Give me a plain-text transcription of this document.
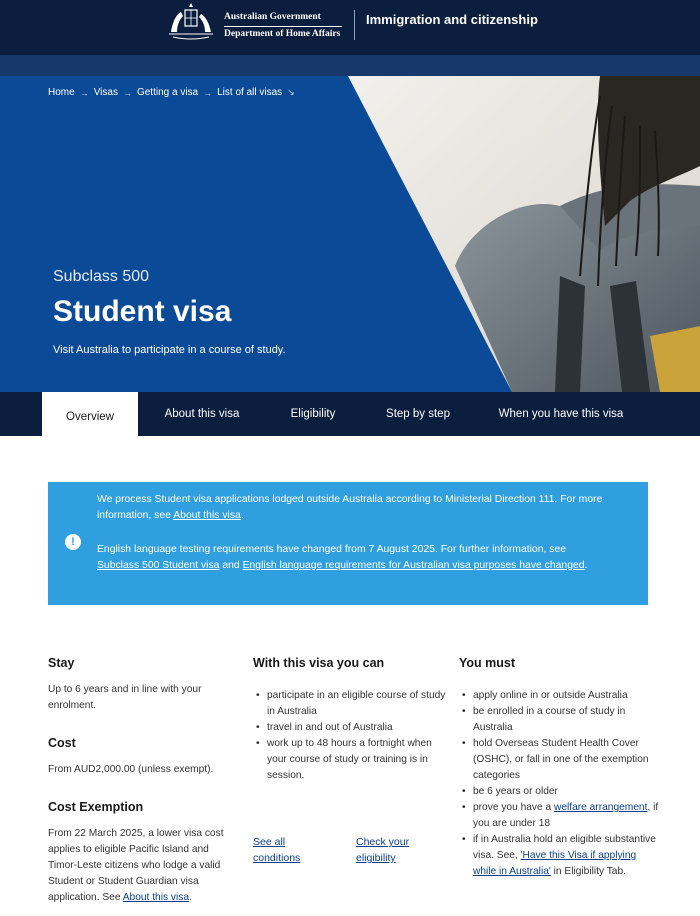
Australian Government
Department of Home Affairs
Immigration and citizenship
Home → Visas → Getting a visa → List of all visas ↘
Subclass 500
Student visa
Visit Australia to participate in a course of study.
Overview	About this visa	Eligibility	Step by step	When you have this visa
!
We process Student visa applications lodged outside Australia according to Ministerial Direction 111. For more information, see About this visa.
English language testing requirements have changed from 7 August 2025. For further information, see Subclass 500 Student visa and English language requirements for Australian visa purposes have changed.
Stay

Up to 6 years and in line with your enrolment.

Cost

From AUD2,000.00 (unless exempt).

Cost Exemption

From 22 March 2025, a lower visa cost applies to eligible Pacific Island and Timor-Leste citizens who lodge a valid Student or Student Guardian visa application. See About this visa.

With this visa you can
• participate in an eligible course of study in Australia
• travel in and out of Australia
• work up to 48 hours a fortnight when your course of study or training is in session.
See all conditions
Check your eligibility
You must
• apply online in or outside Australia
• be enrolled in a course of study in Australia
• hold Overseas Student Health Cover (OSHC), or fall in one of the exemption categories
• be 6 years or older
• prove you have a welfare arrangement, if you are under 18
• if in Australia hold an eligible substantive visa. See, 'Have this Visa if applying while in Australia' in Eligibility Tab.
